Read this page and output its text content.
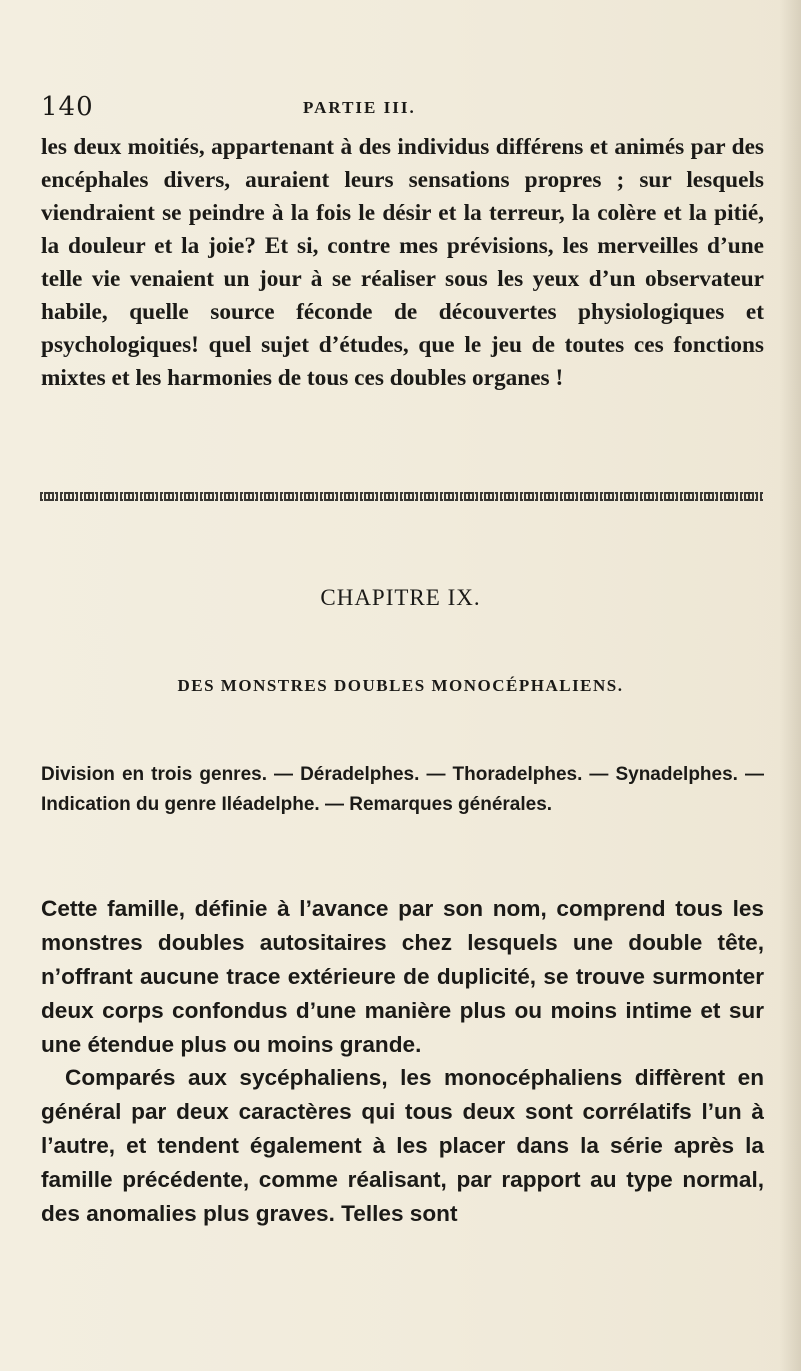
140	PARTIE III.

les deux moitiés, appartenant à des individus différens et animés par des encéphales divers, auraient leurs sensations propres ; sur lesquels viendraient se peindre à la fois le désir et la terreur, la colère et la pitié, la douleur et la joie? Et si, contre mes prévisions, les merveilles d’une telle vie venaient un jour à se réaliser sous les yeux d’un observateur habile, quelle source féconde de découvertes physiologiques et psychologiques! quel sujet d’études, que le jeu de toutes ces fonctions mixtes et les harmonies de tous ces doubles organes !

CHAPITRE IX.
DES MONSTRES DOUBLES MONOCÉPHALIENS.

Division en trois genres. — Déradelphes. — Thoradelphes. — Synadelphes. — Indication du genre Iléadelphe. — Remarques générales.

Cette famille, définie à l’avance par son nom, comprend tous les monstres doubles autositaires chez lesquels une double tête, n’offrant aucune trace extérieure de duplicité, se trouve surmonter deux corps confondus d’une manière plus ou moins intime et sur une étendue plus ou moins grande.

Comparés aux sycéphaliens, les monocéphaliens diffèrent en général par deux caractères qui tous deux sont corrélatifs l’un à l’autre, et tendent également à les placer dans la série après la famille précédente, comme réalisant, par rapport au type normal, des anomalies plus graves. Telles sont
